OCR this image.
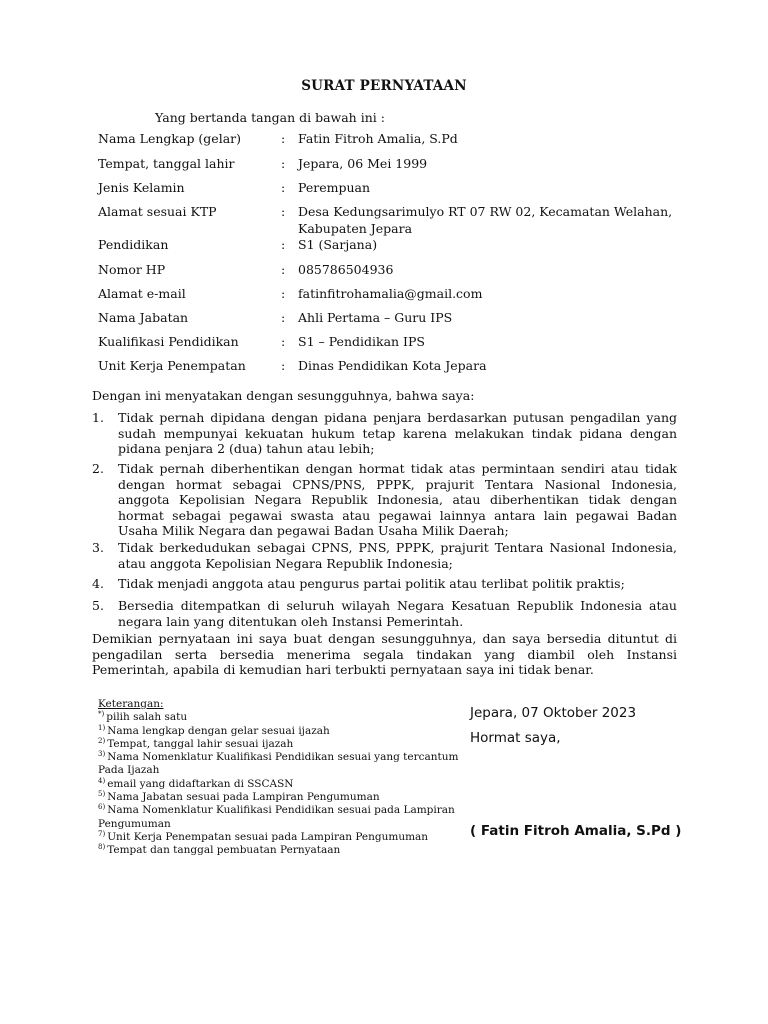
SURAT PERNYATAAN
Yang bertanda tangan di bawah ini :
Nama Lengkap (gelar)	: Fatin Fitroh Amalia, S.Pd
Tempat, tanggal lahir	: Jepara, 06 Mei 1999
Jenis Kelamin	: Perempuan
Alamat sesuai KTP	: Desa Kedungsarimulyo RT 07 RW 02, Kecamatan Welahan, Kabupaten Jepara
Pendidikan	: S1 (Sarjana)
Nomor HP	: 085786504936
Alamat e-mail	: fatinfitrohamalia@gmail.com
Nama Jabatan	: Ahli Pertama – Guru IPS
Kualifikasi Pendidikan	: S1 – Pendidikan IPS
Unit Kerja Penempatan	: Dinas Pendidikan Kota Jepara
Dengan ini menyatakan dengan sesungguhnya, bahwa saya:
1. Tidak pernah dipidana dengan pidana penjara berdasarkan putusan pengadilan yang sudah mempunyai kekuatan hukum tetap karena melakukan tindak pidana dengan pidana penjara 2 (dua) tahun atau lebih;
2. Tidak pernah diberhentikan dengan hormat tidak atas permintaan sendiri atau tidak dengan hormat sebagai CPNS/PNS, PPPK, prajurit Tentara Nasional Indonesia, anggota Kepolisian Negara Republik Indonesia, atau diberhentikan tidak dengan hormat sebagai pegawai swasta atau pegawai lainnya antara lain pegawai Badan Usaha Milik Negara dan pegawai Badan Usaha Milik Daerah;
3. Tidak berkedudukan sebagai CPNS, PNS, PPPK, prajurit Tentara Nasional Indonesia, atau anggota Kepolisian Negara Republik Indonesia;
4. Tidak menjadi anggota atau pengurus partai politik atau terlibat politik praktis;
5. Bersedia ditempatkan di seluruh wilayah Negara Kesatuan Republik Indonesia atau negara lain yang ditentukan oleh Instansi Pemerintah.
Demikian pernyataan ini saya buat dengan sesungguhnya, dan saya bersedia dituntut di pengadilan serta bersedia menerima segala tindakan yang diambil oleh Instansi Pemerintah, apabila di kemudian hari terbukti pernyataan saya ini tidak benar.
Keterangan:
*) pilih salah satu
$^{1)}$ Nama lengkap dengan gelar sesuai ijazah
$^{2)}$ Tempat, tanggal lahir sesuai ijazah
$^{3)}$ Nama Nomenklatur Kualifikasi Pendidikan sesuai yang tercantum Pada Ijazah
$^{4)}$ email yang didaftarkan di SSCASN
$^{5)}$ Nama Jabatan sesuai pada Lampiran Pengumuman
$^{6)}$ Nama Nomenklatur Kualifikasi Pendidikan sesuai pada Lampiran Pengumuman
$^{7)}$ Unit Kerja Penempatan sesuai pada Lampiran Pengumuman
$^{8)}$ Tempat dan tanggal pembuatan Pernyataan
Jepara, 07 Oktober 2023
Hormat saya,
( Fatin Fitroh Amalia, S.Pd )
